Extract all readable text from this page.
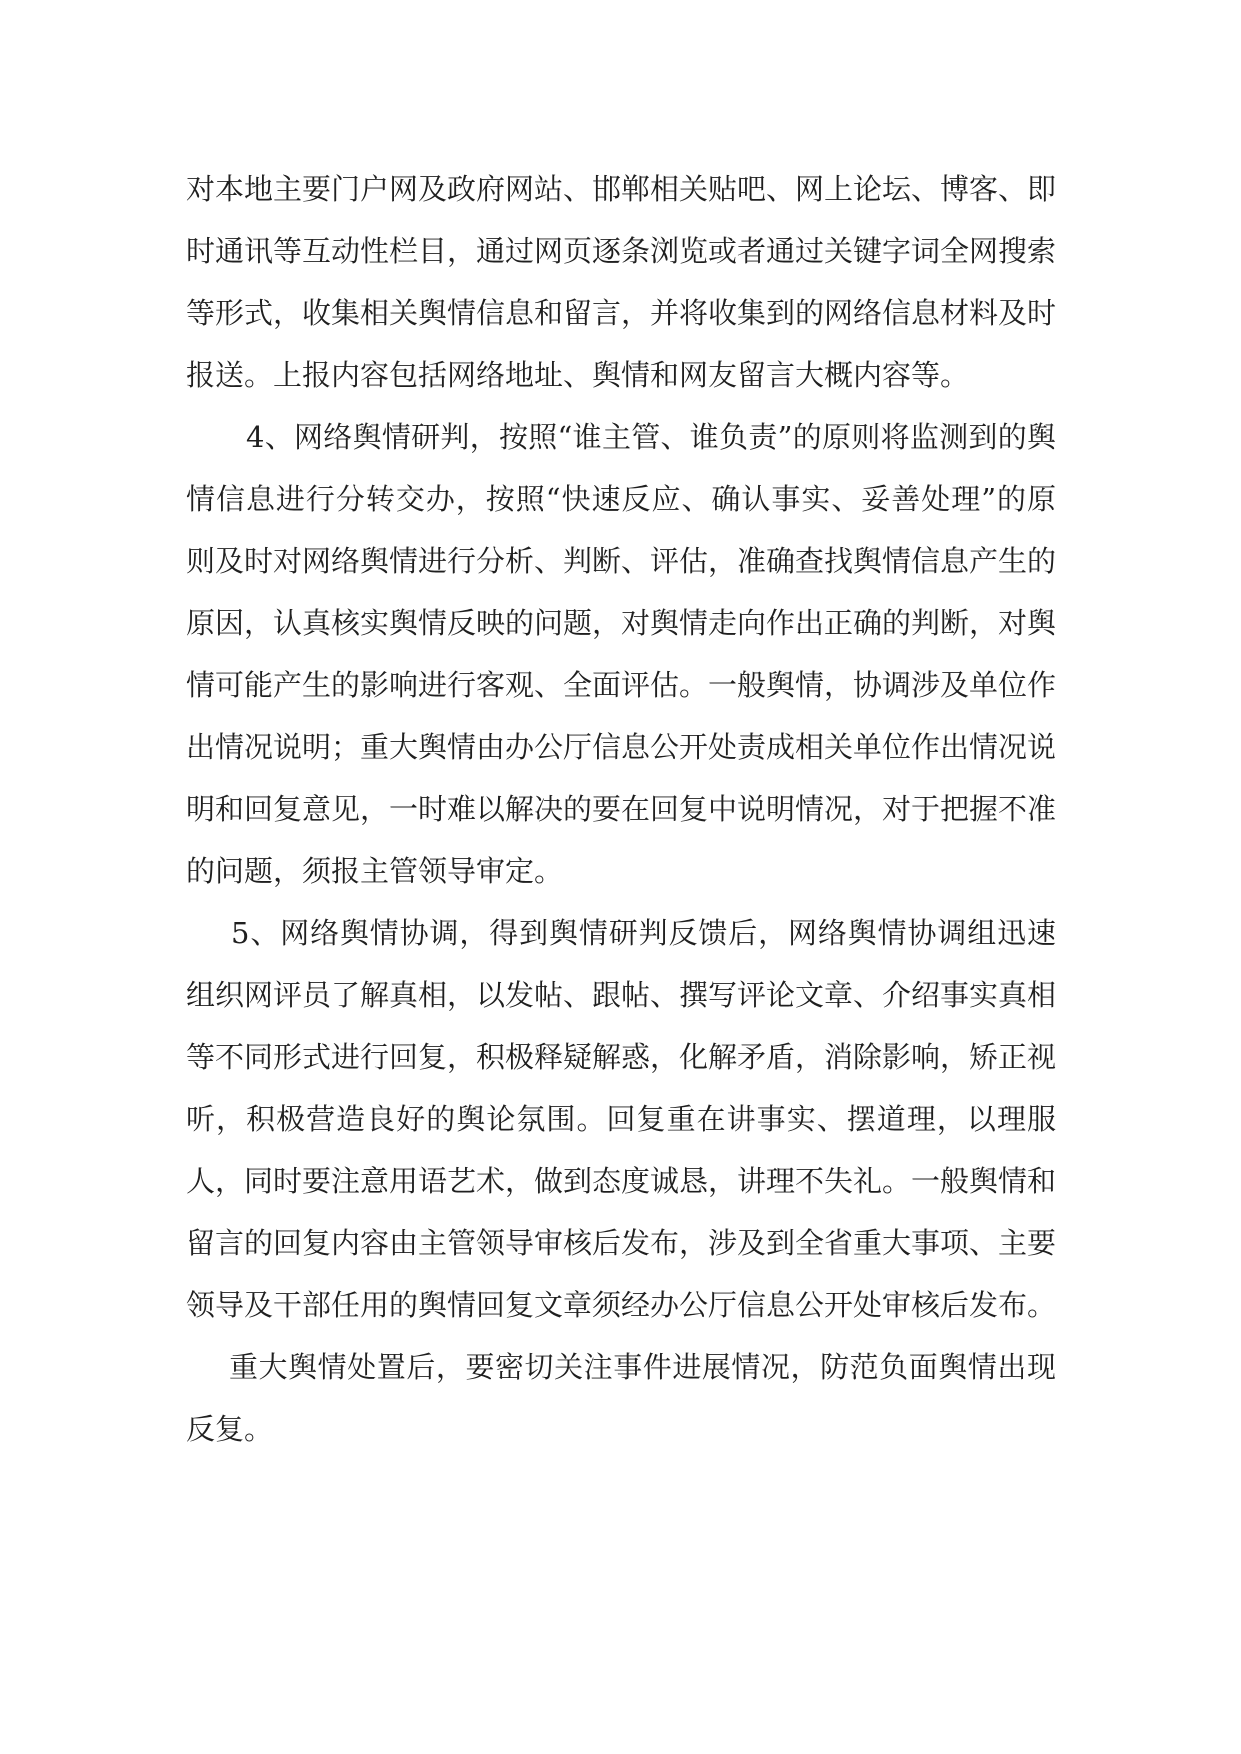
对本地主要门户网及政府网站、邯郸相关贴吧、网上论坛、博客、即时通讯等互动性栏目，通过网页逐条浏览或者通过关键字词全网搜索等形式，收集相关舆情信息和留言，并将收集到的网络信息材料及时报送。上报内容包括网络地址、舆情和网友留言大概内容等。

4、网络舆情研判，按照“谁主管、谁负责”的原则将监测到的舆情信息进行分转交办，按照“快速反应、确认事实、妥善处理”的原则及时对网络舆情进行分析、判断、评估，准确查找舆情信息产生的原因，认真核实舆情反映的问题，对舆情走向作出正确的判断，对舆情可能产生的影响进行客观、全面评估。一般舆情，协调涉及单位作出情况说明；重大舆情由办公厅信息公开处责成相关单位作出情况说明和回复意见，一时难以解决的要在回复中说明情况，对于把握不准的问题，须报主管领导审定。

5、网络舆情协调，得到舆情研判反馈后，网络舆情协调组迅速组织网评员了解真相，以发帖、跟帖、撰写评论文章、介绍事实真相等不同形式进行回复，积极释疑解惑，化解矛盾，消除影响，矫正视听，积极营造良好的舆论氛围。回复重在讲事实、摆道理，以理服人，同时要注意用语艺术，做到态度诚恳，讲理不失礼。一般舆情和留言的回复内容由主管领导审核后发布，涉及到全省重大事项、主要领导及干部任用的舆情回复文章须经办公厅信息公开处审核后发布。

重大舆情处置后，要密切关注事件进展情况，防范负面舆情出现反复。
